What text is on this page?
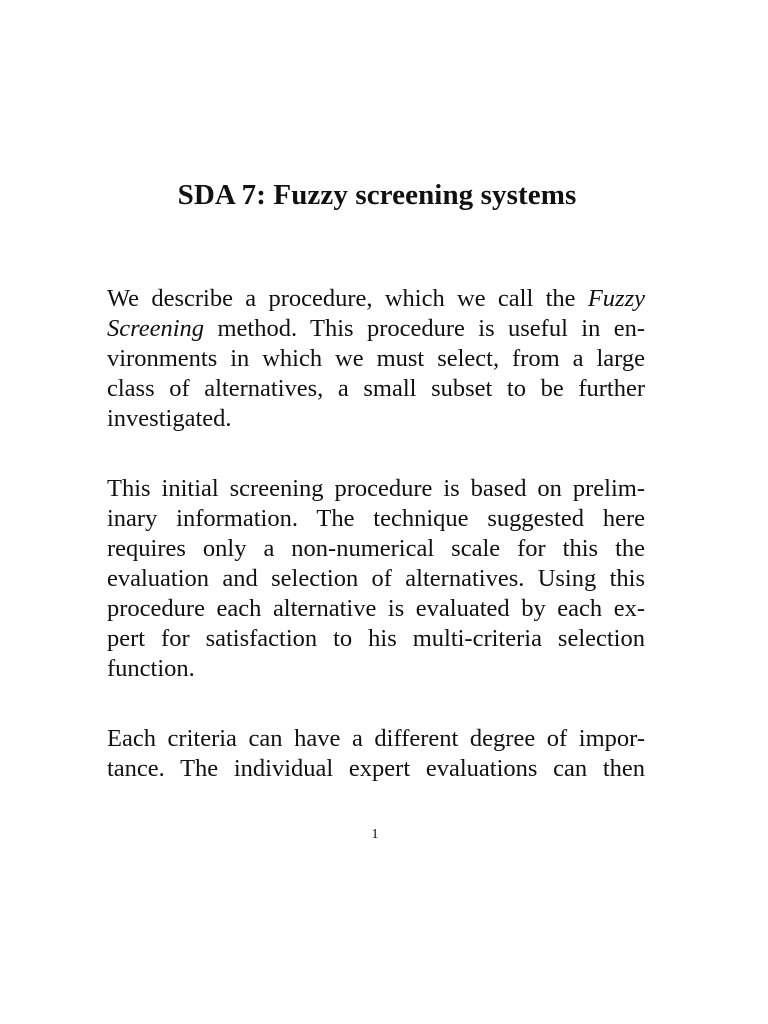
SDA 7: Fuzzy screening systems

We describe a procedure, which we call the Fuzzy
Screening method. This procedure is useful in en-
vironments in which we must select, from a large
class of alternatives, a small subset to be further
investigated.

This initial screening procedure is based on prelim-
inary information. The technique suggested here
requires only a non-numerical scale for this the
evaluation and selection of alternatives. Using this
procedure each alternative is evaluated by each ex-
pert for satisfaction to his multi-criteria selection
function.

Each criteria can have a different degree of impor-
tance. The individual expert evaluations can then

1
